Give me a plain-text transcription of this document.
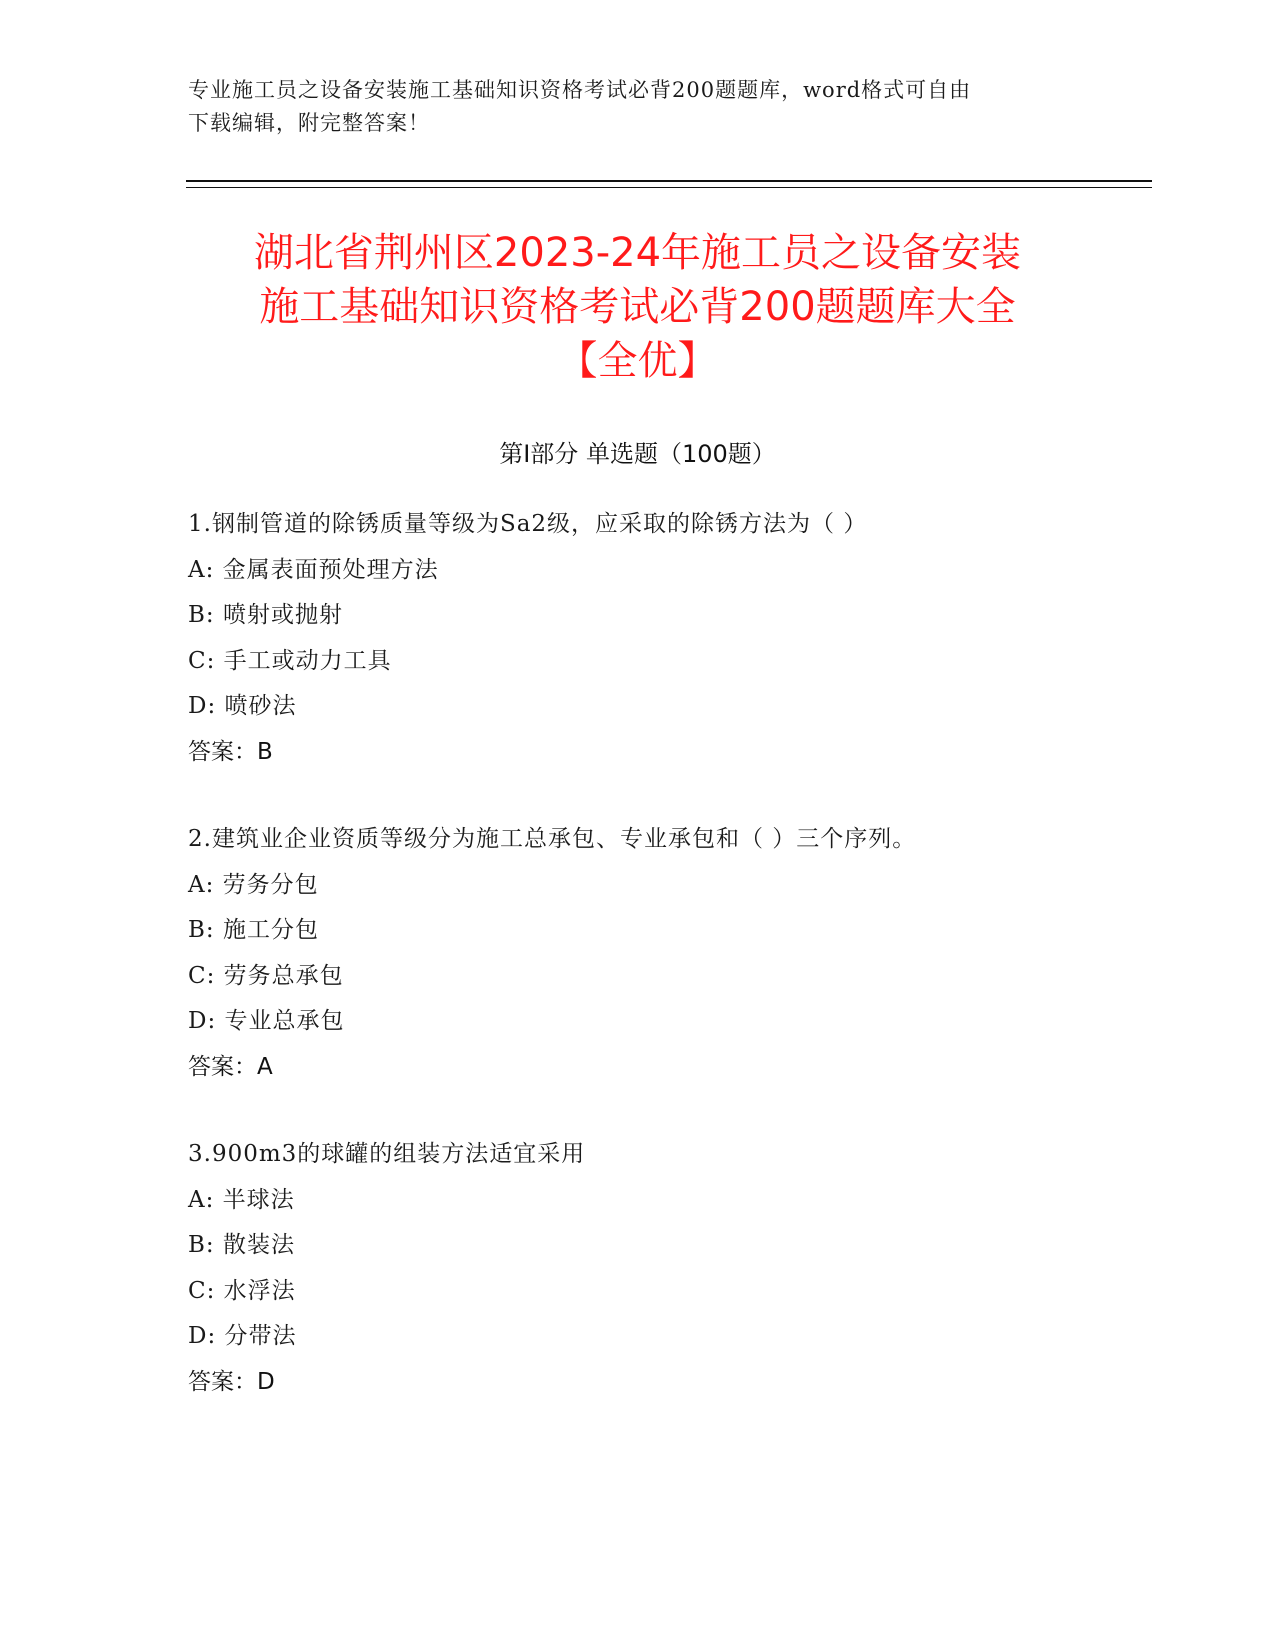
专业施工员之设备安装施工基础知识资格考试必背200题题库，word格式可自由
下载编辑，附完整答案！
湖北省荆州区2023-24年施工员之设备安装
施工基础知识资格考试必背200题题库大全
【全优】
第I部分 单选题（100题）
1.钢制管道的除锈质量等级为Sa2级，应采取的除锈方法为（ ）
A: 金属表面预处理方法
B: 喷射或抛射
C: 手工或动力工具
D: 喷砂法
答案：B
2.建筑业企业资质等级分为施工总承包、专业承包和（ ）三个序列。
A: 劳务分包
B: 施工分包
C: 劳务总承包
D: 专业总承包
答案：A
3.900m3的球罐的组装方法适宜采用
A: 半球法
B: 散装法
C: 水浮法
D: 分带法
答案：D
